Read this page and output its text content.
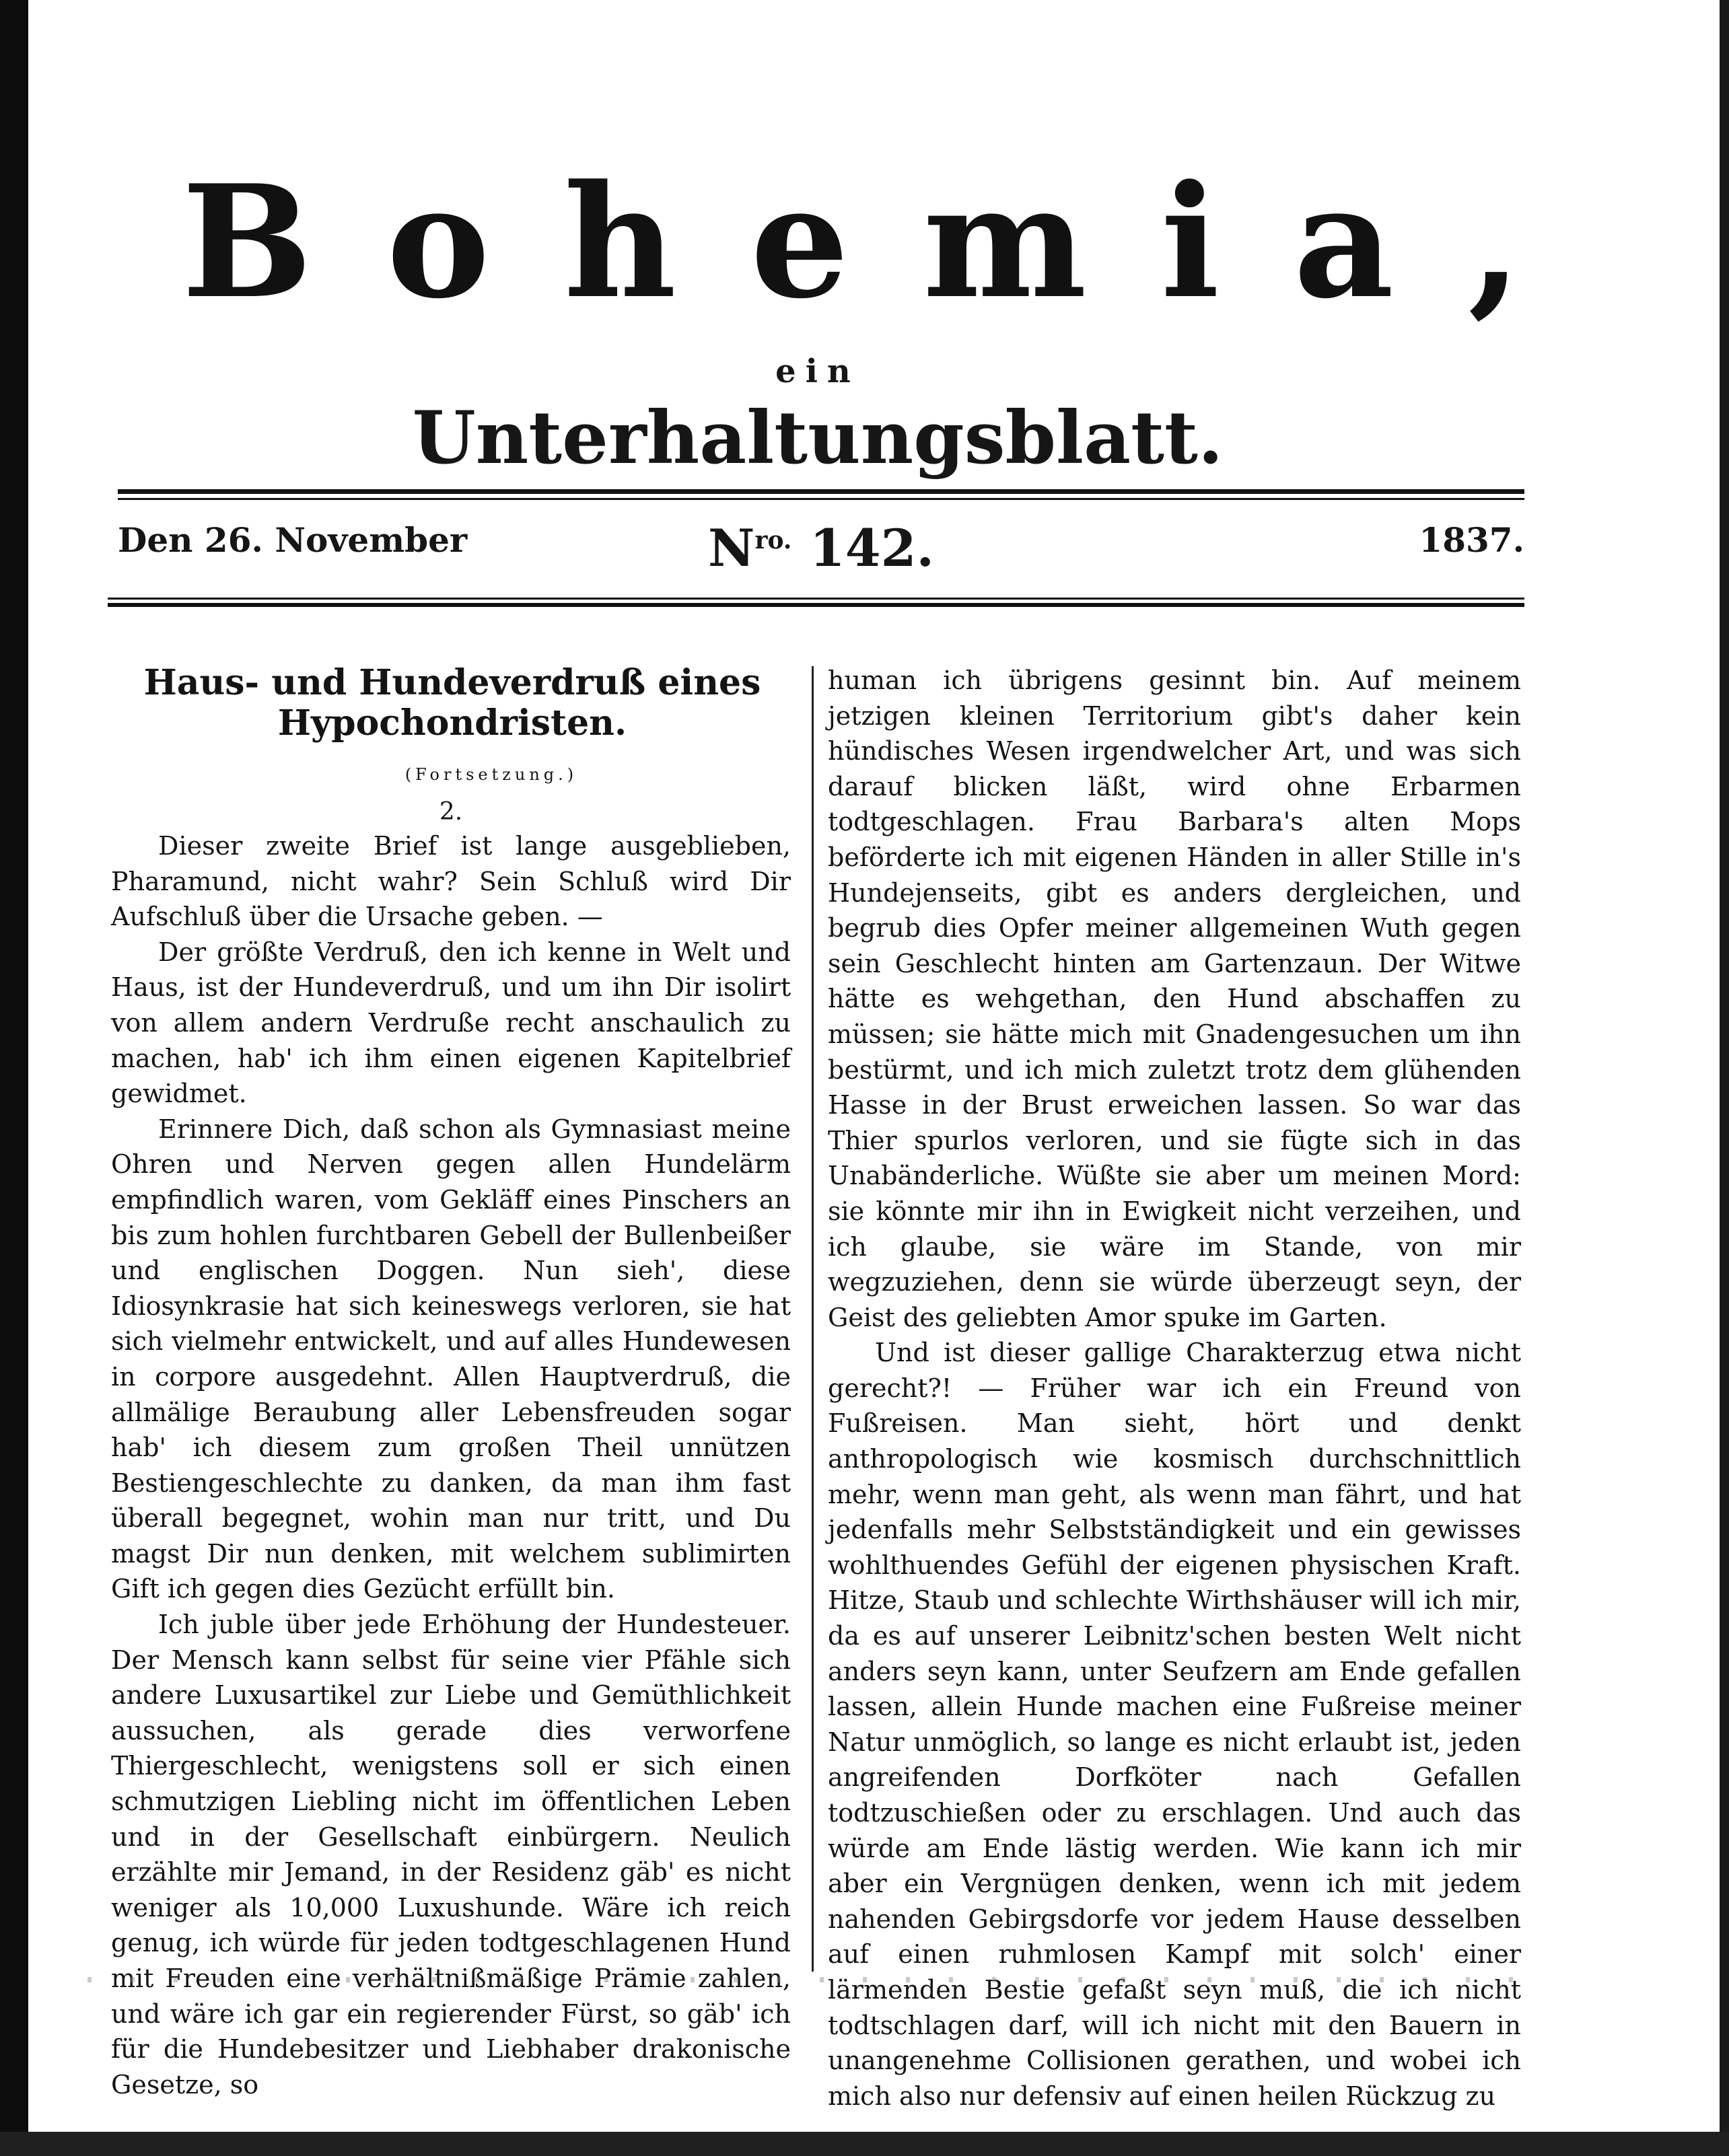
Bohemia,
ein
Unterhaltungsblatt.
Den 26. November	$N^{ro.}$ 142.	1837.
Haus- und Hundeverdruß eines Hypochondristen.
(Fortsetzung.)
2.

Dieser zweite Brief ist lange ausgeblieben, Pharamund, nicht wahr? Sein Schluß wird Dir Aufschluß über die Ursache geben. —

Der größte Verdruß, den ich kenne in Welt und Haus, ist der Hundeverdruß, und um ihn Dir isolirt von allem andern Verdruße recht anschaulich zu machen, hab' ich ihm einen eigenen Kapitelbrief gewidmet.

Erinnere Dich, daß schon als Gymnasiast meine Ohren und Nerven gegen allen Hundelärm empfindlich waren, vom Gekläff eines Pinschers an bis zum hohlen furchtbaren Gebell der Bullenbeißer und englischen Doggen. Nun sieh', diese Idiosynkrasie hat sich keineswegs verloren, sie hat sich vielmehr entwickelt, und auf alles Hundewesen in corpore ausgedehnt. Allen Hauptverdruß, die allmälige Beraubung aller Lebensfreuden sogar hab' ich diesem zum großen Theil unnützen Bestiengeschlechte zu danken, da man ihm fast überall begegnet, wohin man nur tritt, und Du magst Dir nun denken, mit welchem sublimirten Gift ich gegen dies Gezücht erfüllt bin.

Ich juble über jede Erhöhung der Hundesteuer. Der Mensch kann selbst für seine vier Pfähle sich andere Luxusartikel zur Liebe und Gemüthlichkeit aussuchen, als gerade dies verworfene Thiergeschlecht, wenigstens soll er sich einen schmutzigen Liebling nicht im öffentlichen Leben und in der Gesellschaft einbürgern. Neulich erzählte mir Jemand, in der Residenz gäb' es nicht weniger als 10,000 Luxushunde. Wäre ich reich genug, ich würde für jeden todtgeschlagenen Hund mit Freuden eine verhältnißmäßige Prämie zahlen, und wäre ich gar ein regierender Fürst, so gäb' ich für die Hundebesitzer und Liebhaber drakonische Gesetze, so

human ich übrigens gesinnt bin. Auf meinem jetzigen kleinen Territorium gibt's daher kein hündisches Wesen irgendwelcher Art, und was sich darauf blicken läßt, wird ohne Erbarmen todtgeschlagen. Frau Barbara's alten Mops beförderte ich mit eigenen Händen in aller Stille in's Hundejenseits, gibt es anders dergleichen, und begrub dies Opfer meiner allgemeinen Wuth gegen sein Geschlecht hinten am Gartenzaun. Der Witwe hätte es wehgethan, den Hund abschaffen zu müssen; sie hätte mich mit Gnadengesuchen um ihn bestürmt, und ich mich zuletzt trotz dem glühenden Hasse in der Brust erweichen lassen. So war das Thier spurlos verloren, und sie fügte sich in das Unabänderliche. Wüßte sie aber um meinen Mord: sie könnte mir ihn in Ewigkeit nicht verzeihen, und ich glaube, sie wäre im Stande, von mir wegzuziehen, denn sie würde überzeugt seyn, der Geist des geliebten Amor spuke im Garten.

Und ist dieser gallige Charakterzug etwa nicht gerecht?! — Früher war ich ein Freund von Fußreisen. Man sieht, hört und denkt anthropologisch wie kosmisch durchschnittlich mehr, wenn man geht, als wenn man fährt, und hat jedenfalls mehr Selbstständigkeit und ein gewisses wohlthuendes Gefühl der eigenen physischen Kraft. Hitze, Staub und schlechte Wirthshäuser will ich mir, da es auf unserer Leibnitz'schen besten Welt nicht anders seyn kann, unter Seufzern am Ende gefallen lassen, allein Hunde machen eine Fußreise meiner Natur unmöglich, so lange es nicht erlaubt ist, jeden angreifenden Dorfköter nach Gefallen todtzuschießen oder zu erschlagen. Und auch das würde am Ende lästig werden. Wie kann ich mir aber ein Vergnügen denken, wenn ich mit jedem nahenden Gebirgsdorfe vor jedem Hause desselben auf einen ruhmlosen Kampf mit solch' einer lärmenden Bestie gefaßt seyn muß, die ich nicht todtschlagen darf, will ich nicht mit den Bauern in unangenehme Collisionen gerathen, und wobei ich mich also nur defensiv auf einen heilen Rückzug zu
